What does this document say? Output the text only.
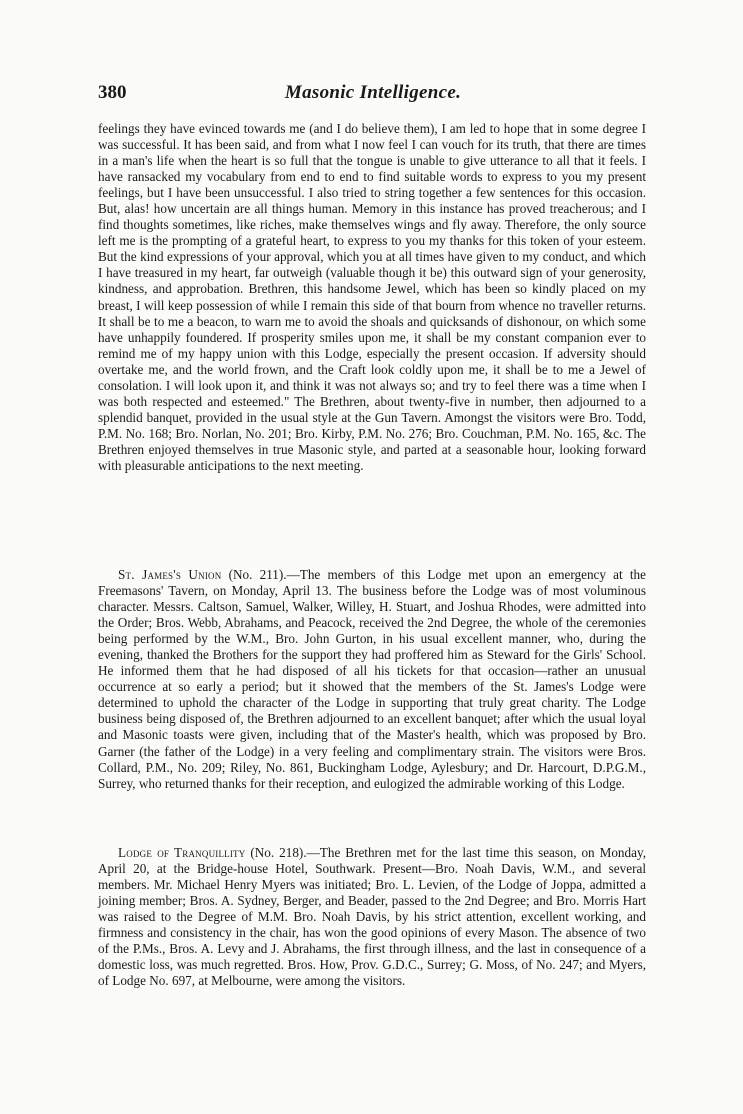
380	Masonic Intelligence.

feelings they have evinced towards me (and I do believe them), I am led to hope that in some degree I was successful. It has been said, and from what I now feel I can vouch for its truth, that there are times in a man's life when the heart is so full that the tongue is unable to give utterance to all that it feels. I have ransacked my vocabulary from end to end to find suitable words to express to you my present feelings, but I have been unsuccessful. I also tried to string together a few sentences for this occasion. But, alas! how uncertain are all things human. Memory in this instance has proved treacherous; and I find thoughts sometimes, like riches, make themselves wings and fly away. Therefore, the only source left me is the prompting of a grateful heart, to express to you my thanks for this token of your esteem. But the kind expressions of your approval, which you at all times have given to my conduct, and which I have treasured in my heart, far outweigh (valuable though it be) this outward sign of your generosity, kindness, and approbation. Brethren, this handsome Jewel, which has been so kindly placed on my breast, I will keep possession of while I remain this side of that bourn from whence no traveller returns. It shall be to me a beacon, to warn me to avoid the shoals and quicksands of dishonour, on which some have unhappily foundered. If prosperity smiles upon me, it shall be my constant companion ever to remind me of my happy union with this Lodge, especially the present occasion. If adversity should overtake me, and the world frown, and the Craft look coldly upon me, it shall be to me a Jewel of consolation. I will look upon it, and think it was not always so; and try to feel there was a time when I was both respected and esteemed." The Brethren, about twenty-five in number, then adjourned to a splendid banquet, provided in the usual style at the Gun Tavern. Amongst the visitors were Bro. Todd, P.M. No. 168; Bro. Norlan, No. 201; Bro. Kirby, P.M. No. 276; Bro. Couchman, P.M. No. 165, &c. The Brethren enjoyed themselves in true Masonic style, and parted at a seasonable hour, looking forward with pleasurable anticipations to the next meeting.

St. James's Union (No. 211).—The members of this Lodge met upon an emergency at the Freemasons' Tavern, on Monday, April 13. The business before the Lodge was of most voluminous character. Messrs. Caltson, Samuel, Walker, Willey, H. Stuart, and Joshua Rhodes, were admitted into the Order; Bros. Webb, Abrahams, and Peacock, received the 2nd Degree, the whole of the ceremonies being performed by the W.M., Bro. John Gurton, in his usual excellent manner, who, during the evening, thanked the Brothers for the support they had proffered him as Steward for the Girls' School. He informed them that he had disposed of all his tickets for that occasion—rather an unusual occurrence at so early a period; but it showed that the members of the St. James's Lodge were determined to uphold the character of the Lodge in supporting that truly great charity. The Lodge business being disposed of, the Brethren adjourned to an excellent banquet; after which the usual loyal and Masonic toasts were given, including that of the Master's health, which was proposed by Bro. Garner (the father of the Lodge) in a very feeling and complimentary strain. The visitors were Bros. Collard, P.M., No. 209; Riley, No. 861, Buckingham Lodge, Aylesbury; and Dr. Harcourt, D.P.G.M., Surrey, who returned thanks for their reception, and eulogized the admirable working of this Lodge.

Lodge of Tranquillity (No. 218).—The Brethren met for the last time this season, on Monday, April 20, at the Bridge-house Hotel, Southwark. Present—Bro. Noah Davis, W.M., and several members. Mr. Michael Henry Myers was initiated; Bro. L. Levien, of the Lodge of Joppa, admitted a joining member; Bros. A. Sydney, Berger, and Beader, passed to the 2nd Degree; and Bro. Morris Hart was raised to the Degree of M.M. Bro. Noah Davis, by his strict attention, excellent working, and firmness and consistency in the chair, has won the good opinions of every Mason. The absence of two of the P.Ms., Bros. A. Levy and J. Abrahams, the first through illness, and the last in consequence of a domestic loss, was much regretted. Bros. How, Prov. G.D.C., Surrey; G. Moss, of No. 247; and Myers, of Lodge No. 697, at Melbourne, were among the visitors.
